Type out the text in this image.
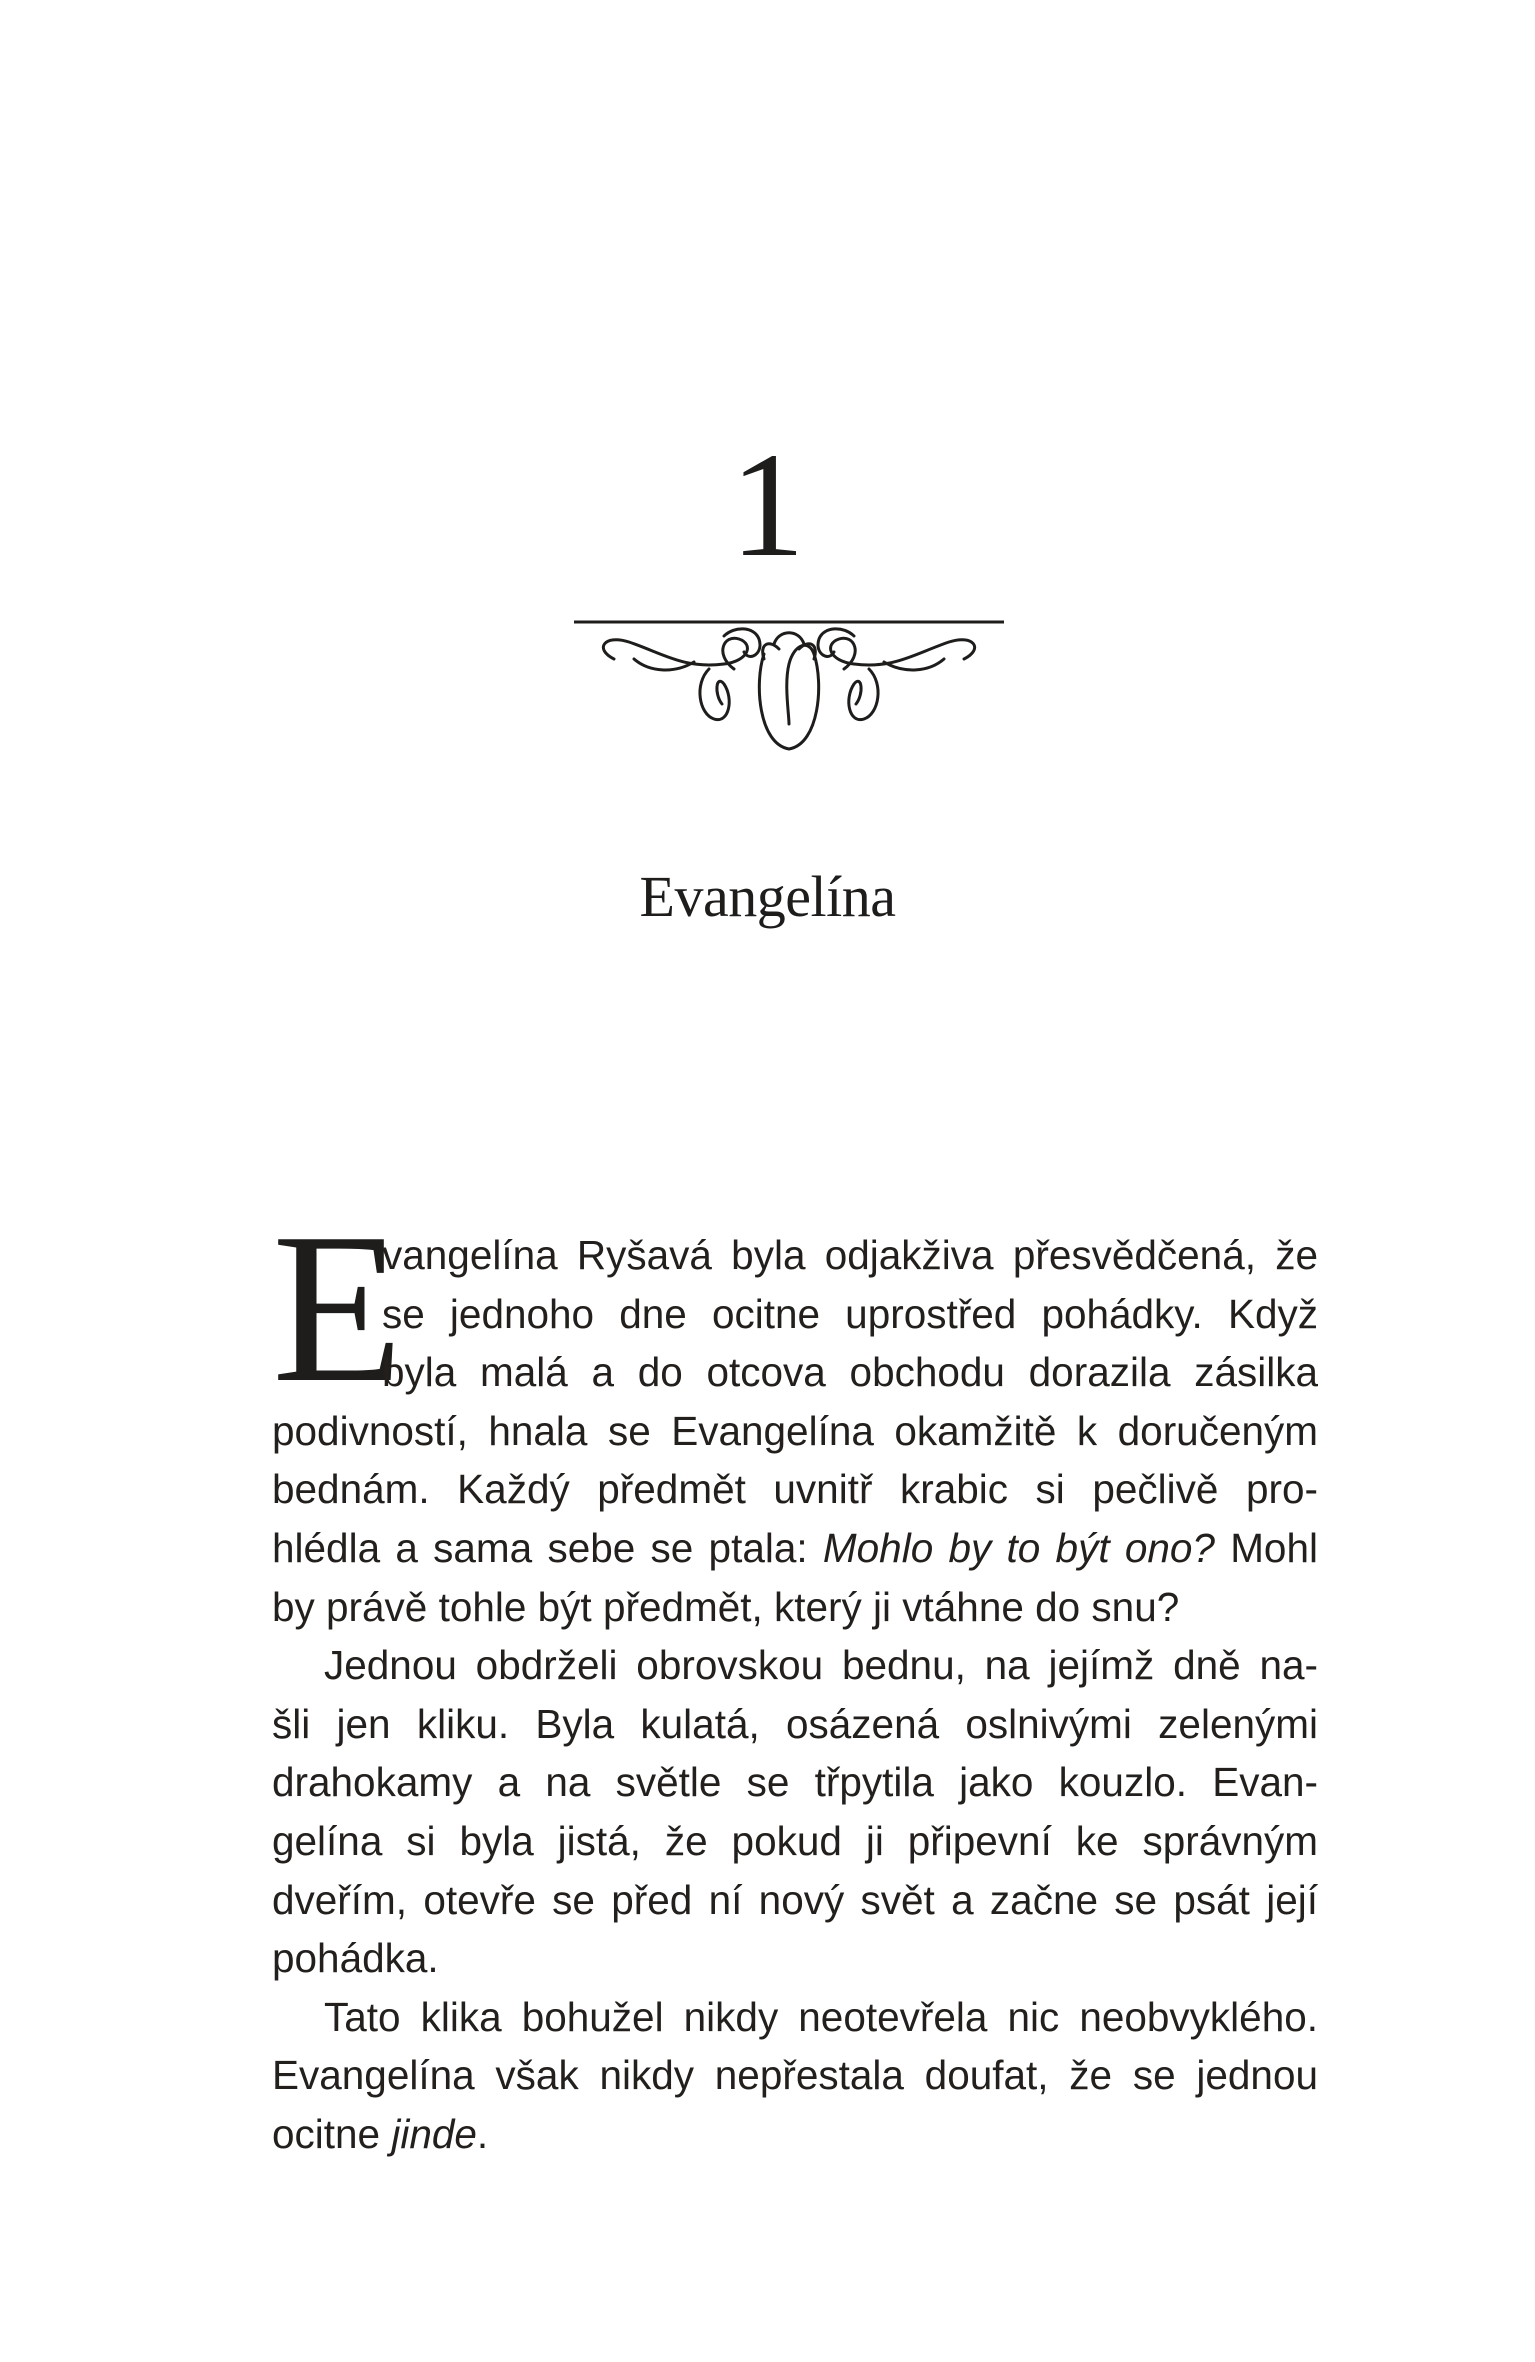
1
Evangelína
E
vangelína Ryšavá byla odjakživa přesvědčená, že
se jednoho dne ocitne uprostřed pohádky. Když
byla malá a do otcova obchodu dorazila zásilka
podivností, hnala se Evangelína okamžitě k doručeným
bednám. Každý předmět uvnitř krabic si pečlivě pro-
hlédla a sama sebe se ptala: Mohlo by to být ono? Mohl
by právě tohle být předmět, který ji vtáhne do snu?
Jednou obdrželi obrovskou bednu, na jejímž dně na-
šli jen kliku. Byla kulatá, osázená oslnivými zelenými
drahokamy a na světle se třpytila jako kouzlo. Evan-
gelína si byla jistá, že pokud ji připevní ke správným
dveřím, otevře se před ní nový svět a začne se psát její
pohádka.
Tato klika bohužel nikdy neotevřela nic neobvyklého.
Evangelína však nikdy nepřestala doufat, že se jednou
ocitne jinde.
